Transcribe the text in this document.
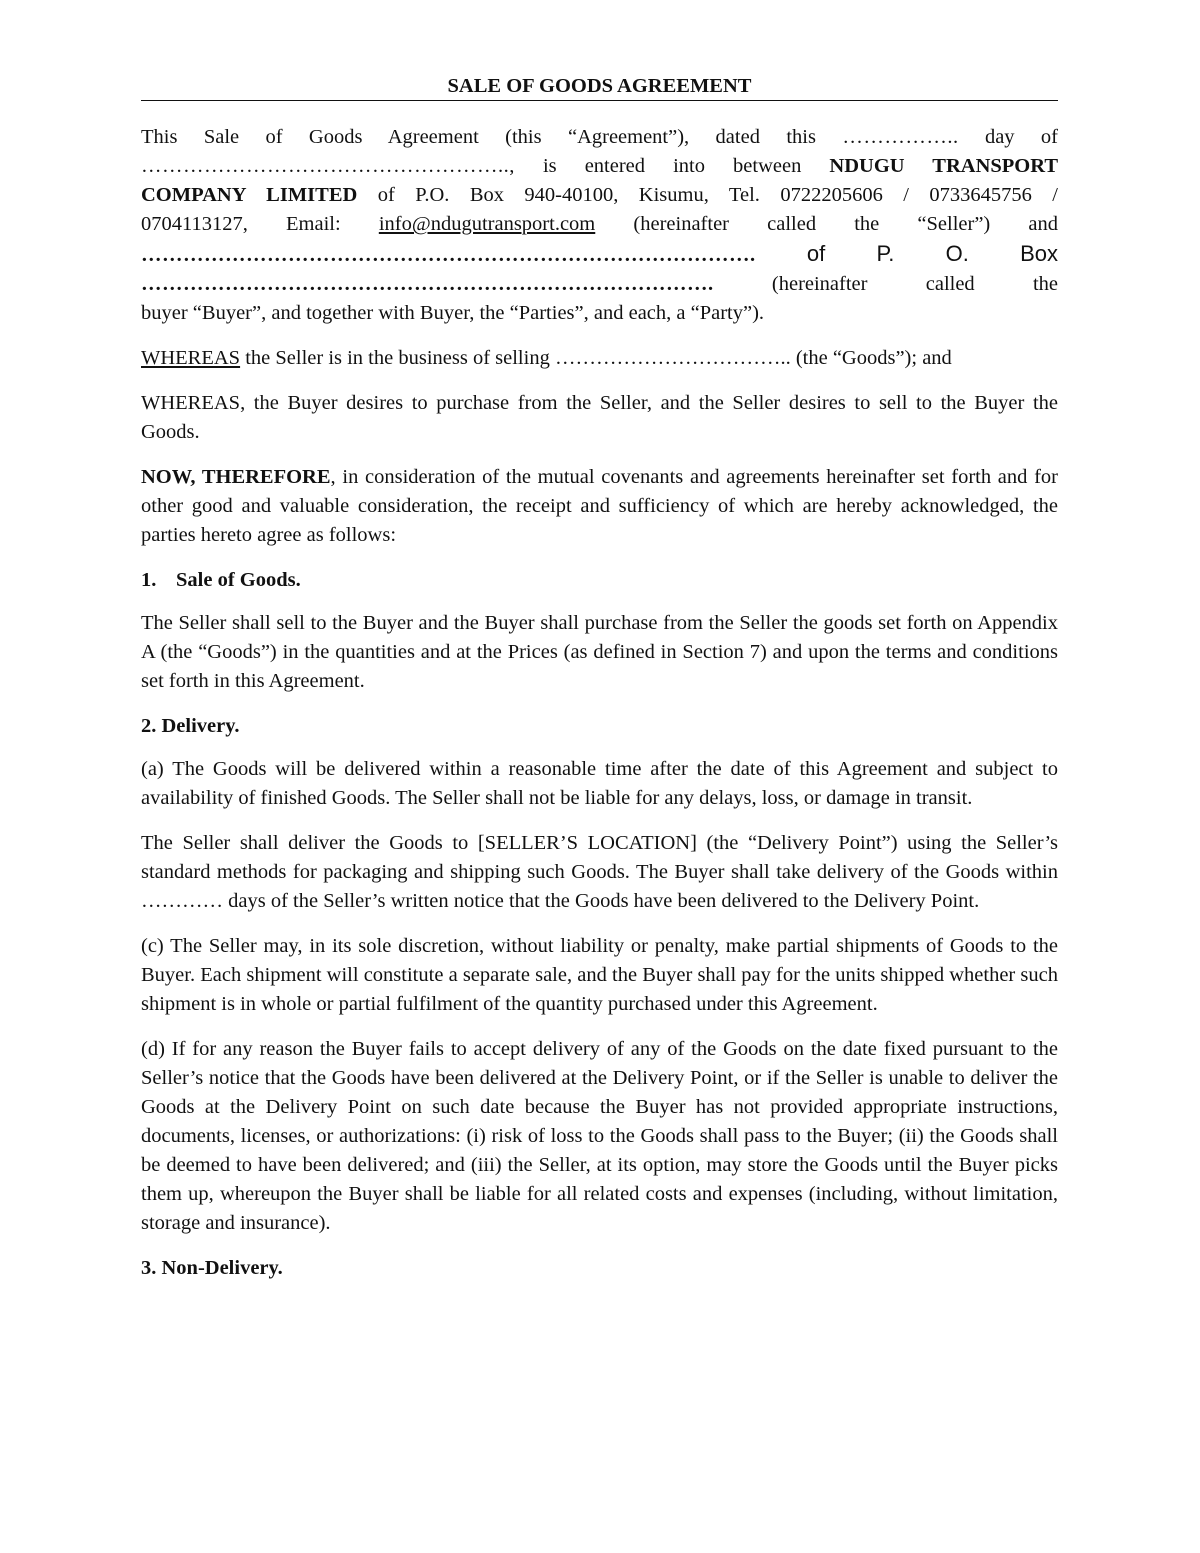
SALE OF GOODS AGREEMENT

This Sale of Goods Agreement (this “Agreement”), dated this …………….. day of
…………………………………………….., is entered into between NDUGU TRANSPORT
COMPANY LIMITED of P.O. Box 940-40100, Kisumu, Tel. 0722205606 / 0733645756 /
0704113127, Email: info@ndugutransport.com (hereinafter called the “Seller”) and
……………………………………………………………………………. of P. O. Box
………………………………………………………………………. (hereinafter called the
buyer “Buyer”, and together with Buyer, the “Parties”, and each, a “Party”).

WHEREAS the Seller is in the business of selling …………………………….. (the “Goods”); and

WHEREAS, the Buyer desires to purchase from the Seller, and the Seller desires to sell to the Buyer the Goods.

NOW, THEREFORE, in consideration of the mutual covenants and agreements hereinafter set forth and for other good and valuable consideration, the receipt and sufficiency of which are hereby acknowledged, the parties hereto agree as follows:

1. Sale of Goods.

The Seller shall sell to the Buyer and the Buyer shall purchase from the Seller the goods set forth on Appendix A (the “Goods”) in the quantities and at the Prices (as defined in Section 7) and upon the terms and conditions set forth in this Agreement.

2. Delivery.

(a) The Goods will be delivered within a reasonable time after the date of this Agreement and subject to availability of finished Goods. The Seller shall not be liable for any delays, loss, or damage in transit.

The Seller shall deliver the Goods to [SELLER’S LOCATION] (the “Delivery Point”) using the Seller’s standard methods for packaging and shipping such Goods. The Buyer shall take delivery of the Goods within ………… days of the Seller’s written notice that the Goods have been delivered to the Delivery Point.

(c) The Seller may, in its sole discretion, without liability or penalty, make partial shipments of Goods to the Buyer. Each shipment will constitute a separate sale, and the Buyer shall pay for the units shipped whether such shipment is in whole or partial fulfilment of the quantity purchased under this Agreement.

(d) If for any reason the Buyer fails to accept delivery of any of the Goods on the date fixed pursuant to the Seller’s notice that the Goods have been delivered at the Delivery Point, or if the Seller is unable to deliver the Goods at the Delivery Point on such date because the Buyer has not provided appropriate instructions, documents, licenses, or authorizations: (i) risk of loss to the Goods shall pass to the Buyer; (ii) the Goods shall be deemed to have been delivered; and (iii) the Seller, at its option, may store the Goods until the Buyer picks them up, whereupon the Buyer shall be liable for all related costs and expenses (including, without limitation, storage and insurance).

3. Non-Delivery.
